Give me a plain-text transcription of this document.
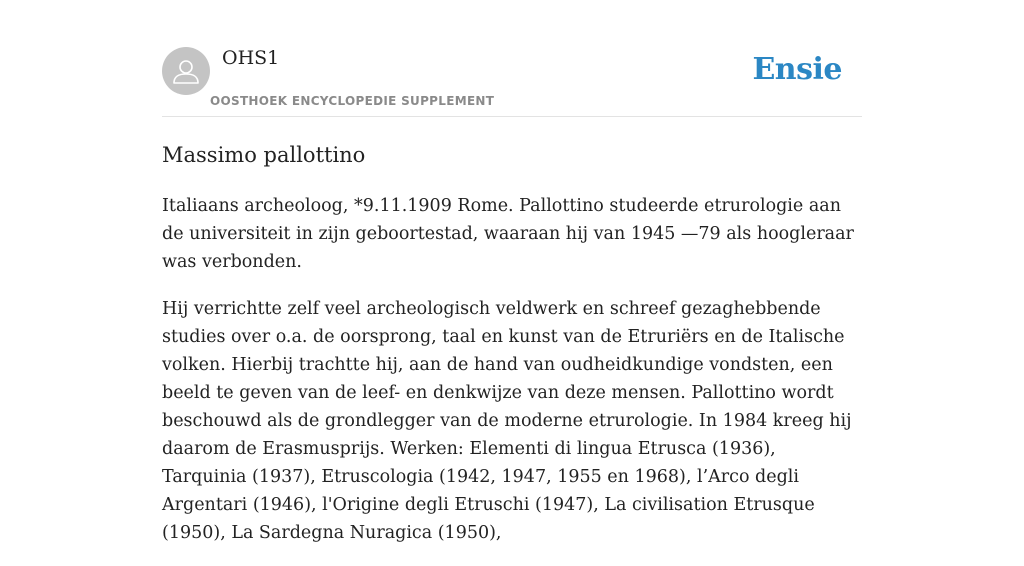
OHS1
OOSTHOEK ENCYCLOPEDIE SUPPLEMENT
Ensie
Massimo pallottino

Italiaans archeoloog, *9.11.1909 Rome. Pallottino studeerde etrurologie aan de universiteit in zijn geboortestad, waaraan hij van 1945 —79 als hoogleraar was verbonden.

Hij verrichtte zelf veel archeologisch veldwerk en schreef gezaghebbende studies over o.a. de oorsprong, taal en kunst van de Etruriërs en de Italische volken. Hierbij trachtte hij, aan de hand van oudheidkundige vondsten, een beeld te geven van de leef- en denkwijze van deze mensen. Pallottino wordt beschouwd als de grondlegger van de moderne etrurologie. In 1984 kreeg hij daarom de Erasmusprijs. Werken: Elementi di lingua Etrusca (1936), Tarquinia (1937), Etruscologia (1942, 1947, 1955 en 1968), l’Arco degli Argentari (1946), l'Origine degli Etruschi (1947), La civilisation Etrusque (1950), La Sardegna Nuragica (1950),
